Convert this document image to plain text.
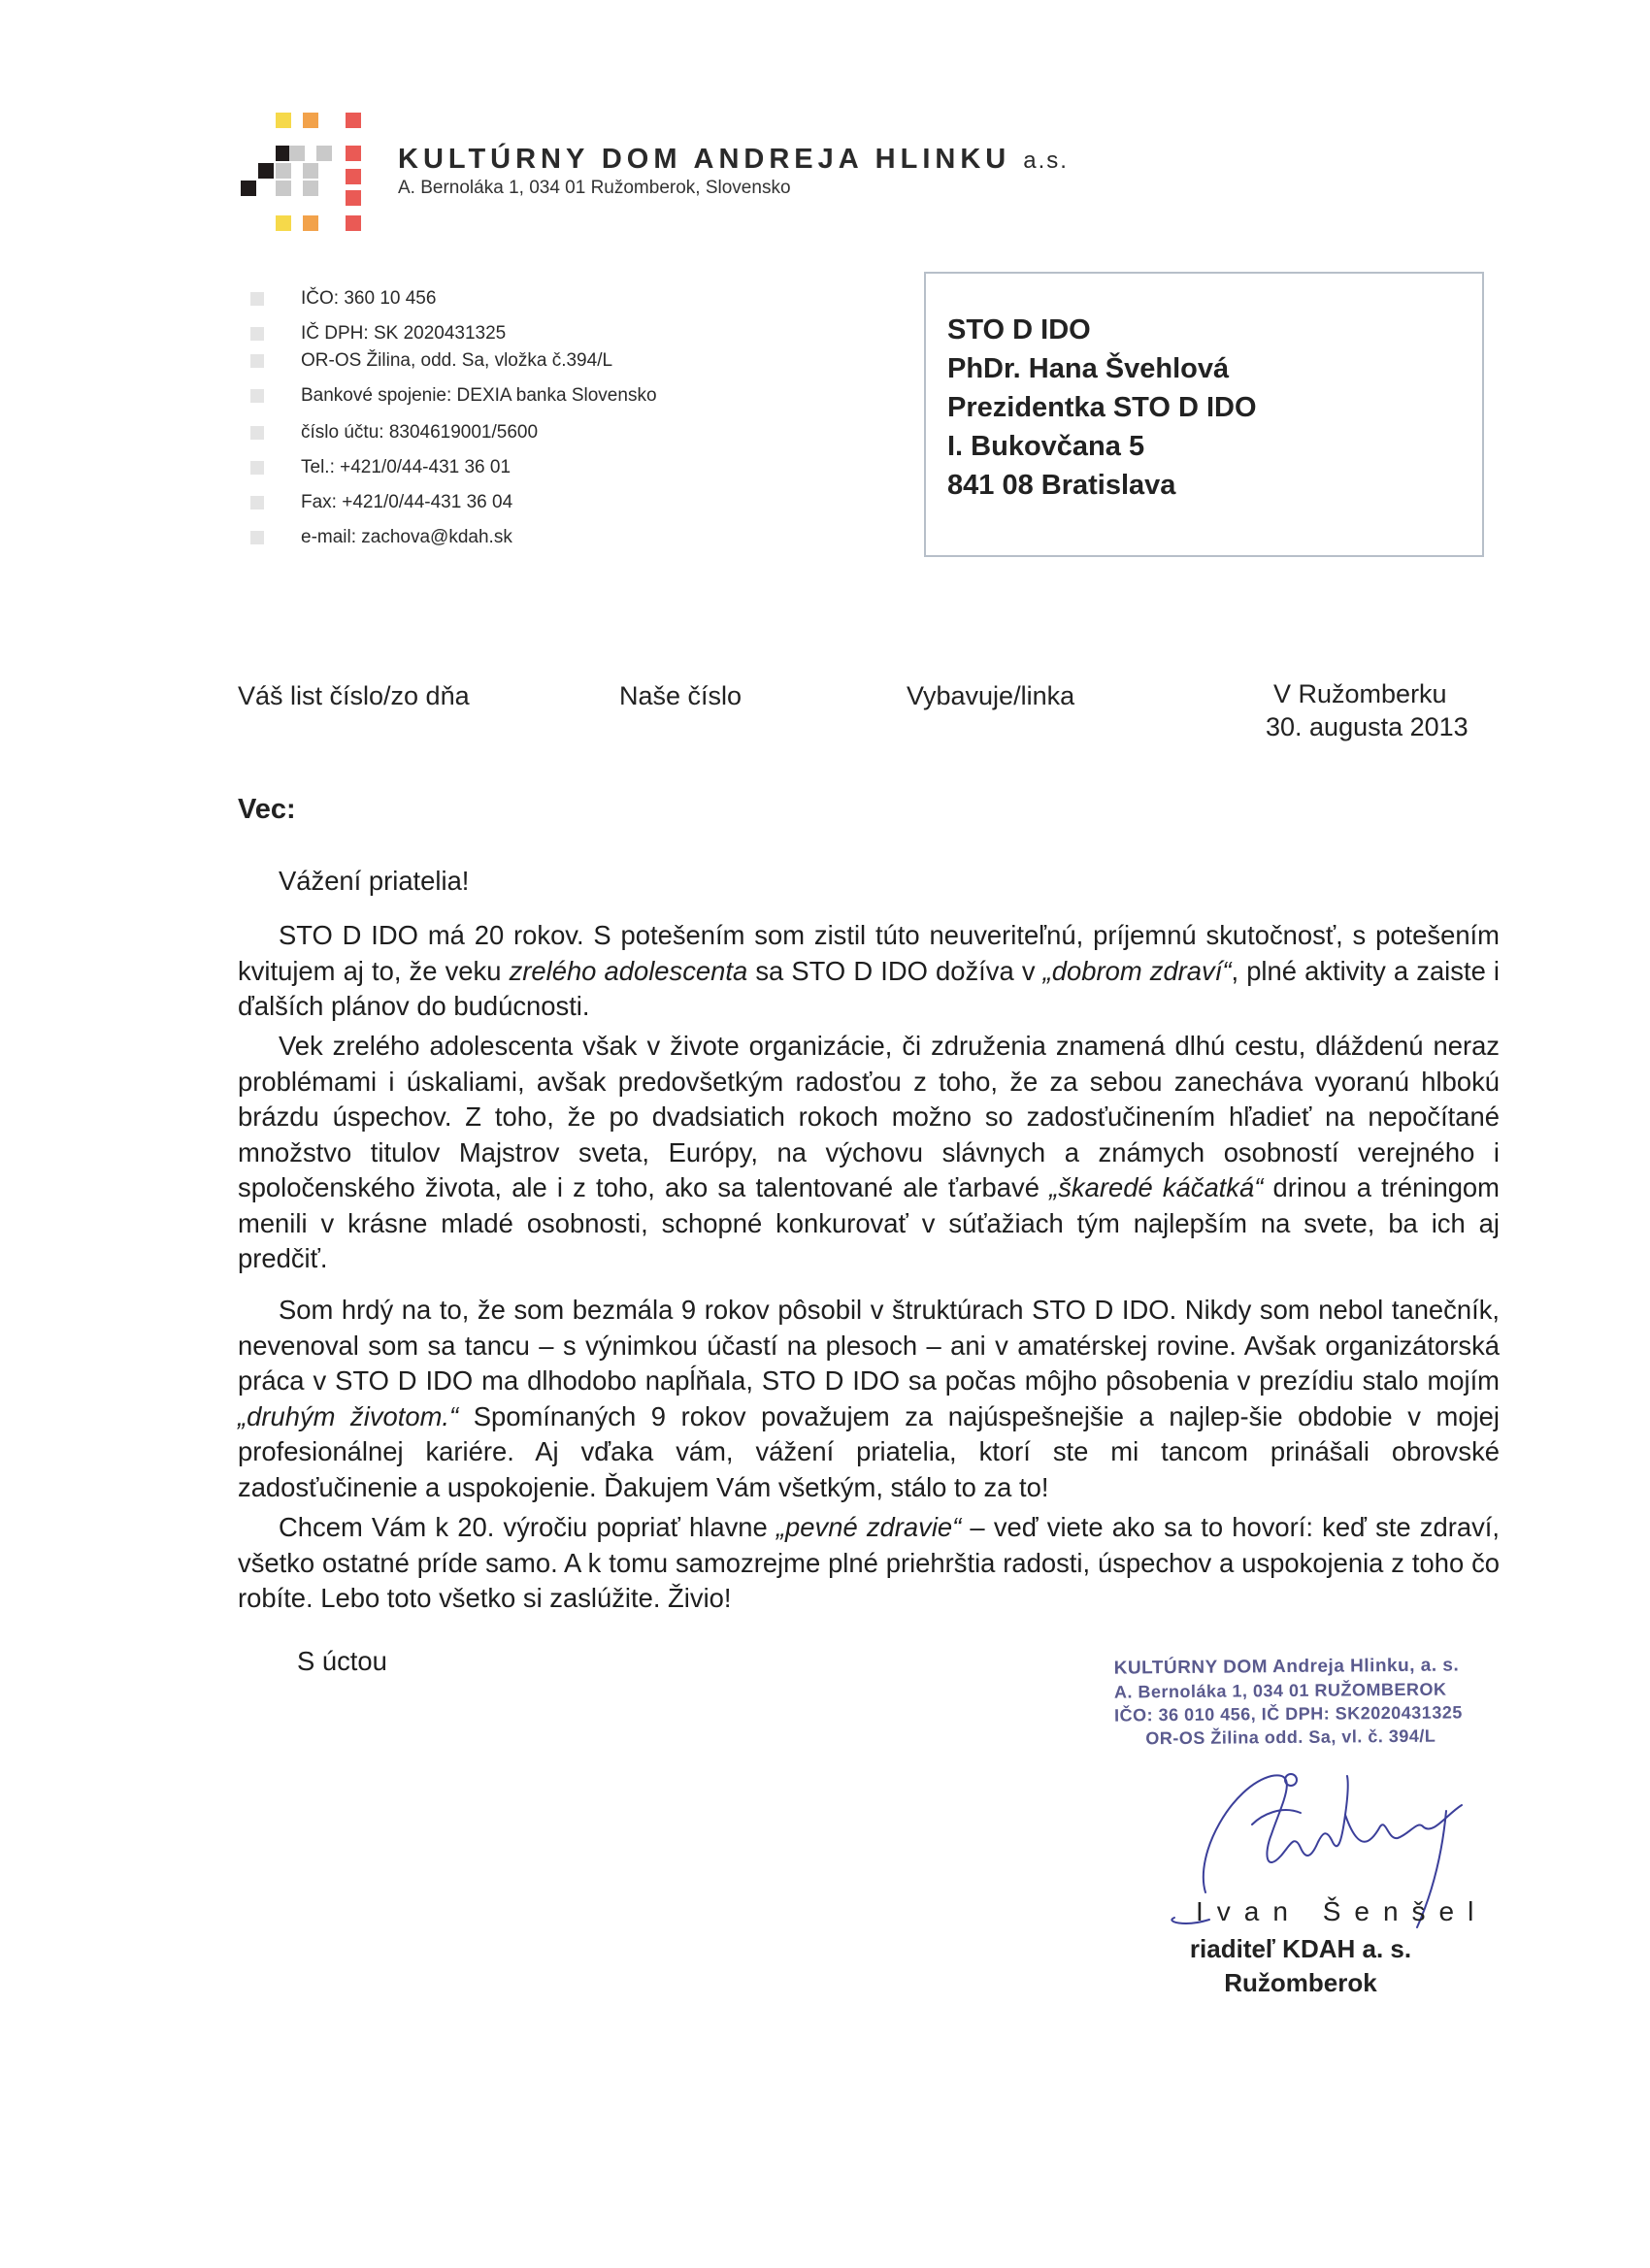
KULTÚRNY DOM ANDREJA HLINKU a.s.
A. Bernoláka 1, 034 01 Ružomberok, Slovensko
IČO: 360 10 456
IČ DPH: SK 2020431325
OR-OS Žilina, odd. Sa, vložka č.394/L
Bankové spojenie: DEXIA banka Slovensko
číslo účtu: 8304619001/5600
Tel.: +421/0/44-431 36 01
Fax: +421/0/44-431 36 04
e-mail: zachova@kdah.sk
STO D IDO
PhDr. Hana Švehlová
Prezidentka STO D IDO
I. Bukovčana 5
841 08 Bratislava
Váš list číslo/zo dňa	Naše číslo	Vybavuje/linka	V Ružomberku
30. augusta 2013
Vec:
Vážení priatelia!

STO D IDO má 20 rokov. S potešením som zistil túto neuveriteľnú, príjemnú skutočnosť, s potešením kvitujem aj to, že veku zrelého adolescenta sa STO D IDO dožíva v „dobrom zdraví“, plné aktivity a zaiste i ďalších plánov do budúcnosti.

Vek zrelého adolescenta však v živote organizácie, či združenia znamená dlhú cestu, dláždenú neraz problémami i úskaliami, avšak predovšetkým radosťou z toho, že za sebou zanecháva vyoranú hlbokú brázdu úspechov. Z toho, že po dvadsiatich rokoch možno so zadosťučinením hľadieť na nepočítané množstvo titulov Majstrov sveta, Európy, na výchovu slávnych a známych osobností verejného i spoločenského života, ale i z toho, ako sa talentované ale ťarbavé „škaredé káčatká“ drinou a tréningom menili v krásne mladé osobnosti, schopné konkurovať v súťažiach tým najlepším na svete, ba ich aj predčiť.

Som hrdý na to, že som bezmála 9 rokov pôsobil v štruktúrach STO D IDO. Nikdy som nebol tanečník, nevenoval som sa tancu – s výnimkou účastí na plesoch – ani v amatérskej rovine. Avšak organizátorská práca v STO D IDO ma dlhodobo napĺňala, STO D IDO sa počas môjho pôsobenia v prezídiu stalo mojím „druhým životom.“ Spomínaných 9 rokov považujem za najúspešnejšie a najlep-šie obdobie v mojej profesionálnej kariére. Aj vďaka vám, vážení priatelia, ktorí ste mi tancom prinášali obrovské zadosťučinenie a uspokojenie. Ďakujem Vám všetkým, stálo to za to!

Chcem Vám k 20. výročiu popriať hlavne „pevné zdravie“ – veď viete ako sa to hovorí: keď ste zdraví, všetko ostatné príde samo. A k tomu samozrejme plné priehrštia radosti, úspechov a uspokojenia z toho čo robíte. Lebo toto všetko si zaslúžite. Živio!

S úctou	KULTÚRNY DOM Andreja Hlinku, a. s.
A. Bernoláka 1, 034 01 RUŽOMBEROK
IČO: 36 010 456, IČ DPH: SK2020431325
OR-OS Žilina odd. Sa, vl. č. 394/L
Ivan Šenšel
riaditeľ KDAH a. s.
Ružomberok
